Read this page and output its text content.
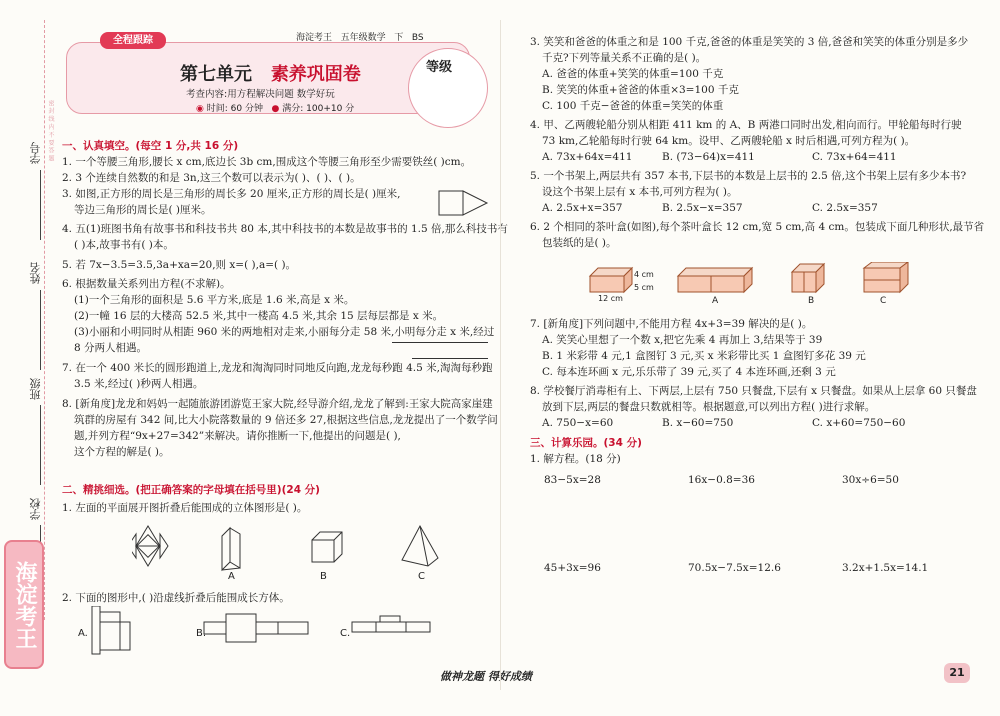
学号
姓名
班级
学校
密 封 线 内 不 要 答 题
海淀考王
全程跟踪	海淀考王 五年级数学 下 BS
第七单元 素养巩固卷
考查内容:用方程解决问题 数学好玩
◉ 时间: 60 分钟 ● 满分: 100+10 分
等级
一、认真填空。(每空 1 分,共 16 分)
1. 一个等腰三角形,腰长 x cm,底边长 3b cm,围成这个等腰三角形至少需要铁丝( )cm。
2. 3 个连续自然数的和是 3n,这三个数可以表示为( )、( )、( )。
3. 如图,正方形的周长是三角形的周长多 20 厘米,正方形的周长是( )厘米,
等边三角形的周长是( )厘米。
4. 五(1)班图书角有故事书和科技书共 80 本,其中科技书的本数是故事书的 1.5 倍,那么科技书有
( )本,故事书有( )本。
5. 若 7x−3.5=3.5,3a+xa=20,则 x=( ),a=( )。
6. 根据数量关系列出方程(不求解)。
(1)一个三角形的面积是 5.6 平方米,底是 1.6 米,高是 x 米。
(2)一幢 16 层的大楼高 52.5 米,其中一楼高 4.5 米,其余 15 层每层都是 x 米。
(3)小丽和小明同时从相距 960 米的两地相对走来,小丽每分走 58 米,小明每分走 x 米,经过
8 分两人相遇。
7. 在一个 400 米长的圆形跑道上,龙龙和淘淘同时同地反向跑,龙龙每秒跑 4.5 米,淘淘每秒跑
3.5 米,经过( )秒两人相遇。
8. [新角度]龙龙和妈妈一起随旅游团游览王家大院,经导游介绍,龙龙了解到:王家大院高家崖建
筑群的房屋有 342 间,比大小院落数量的 9 倍还多 27,根据这些信息,龙龙提出了一个数学问
题,并列方程“9x+27=342”来解决。请你推断一下,他提出的问题是( ),
这个方程的解是( )。
二、精挑细选。(把正确答案的字母填在括号里)(24 分)
1. 左面的平面展开图折叠后能围成的立体图形是( )。
A	B	C
2. 下面的图形中,( )沿虚线折叠后能围成长方体。
A.	B.	C.
3. 笑笑和爸爸的体重之和是 100 千克,爸爸的体重是笑笑的 3 倍,爸爸和笑笑的体重分别是多少
千克?下列等量关系不正确的是( )。
A. 爸爸的体重+笑笑的体重=100 千克
B. 笑笑的体重+爸爸的体重×3=100 千克
C. 100 千克−爸爸的体重=笑笑的体重
4. 甲、乙两艘轮船分别从相距 411 km 的 A、B 两港口同时出发,相向而行。甲轮船每时行驶
73 km,乙轮船每时行驶 64 km。设甲、乙两艘轮船 x 时后相遇,可列方程为( )。
A. 73x+64x=411	B. (73−64)x=411	C. 73x+64=411
5. 一个书架上,两层共有 357 本书,下层书的本数是上层书的 2.5 倍,这个书架上层有多少本书?
设这个书架上层有 x 本书,可列方程为( )。
A. 2.5x+x=357	B. 2.5x−x=357	C. 2.5x=357
6. 2 个相同的茶叶盒(如图),每个茶叶盒长 12 cm,宽 5 cm,高 4 cm。包装成下面几种形状,最节省
包装纸的是( )。
4 cm
5 cm
12 cm	A	B	C
7. [新角度]下列问题中,不能用方程 4x+3=39 解决的是( )。
A. 笑笑心里想了一个数 x,把它先乘 4 再加上 3,结果等于 39
B. 1 米彩带 4 元,1 盒图钉 3 元,买 x 米彩带比买 1 盒图钉多花 39 元
C. 每本连环画 x 元,乐乐带了 39 元,买了 4 本连环画,还剩 3 元
8. 学校餐厅消毒柜有上、下两层,上层有 750 只餐盘,下层有 x 只餐盘。如果从上层拿 60 只餐盘
放到下层,两层的餐盘只数就相等。根据题意,可以列出方程( )进行求解。
A. 750−x=60	B. x−60=750	C. x+60=750−60
三、计算乐园。(34 分)
1. 解方程。(18 分)
83−5x=28	16x−0.8=36	30x÷6=50
45+3x=96	70.5x−7.5x=12.6	3.2x+1.5x=14.1
做神龙题 得好成绩	21
